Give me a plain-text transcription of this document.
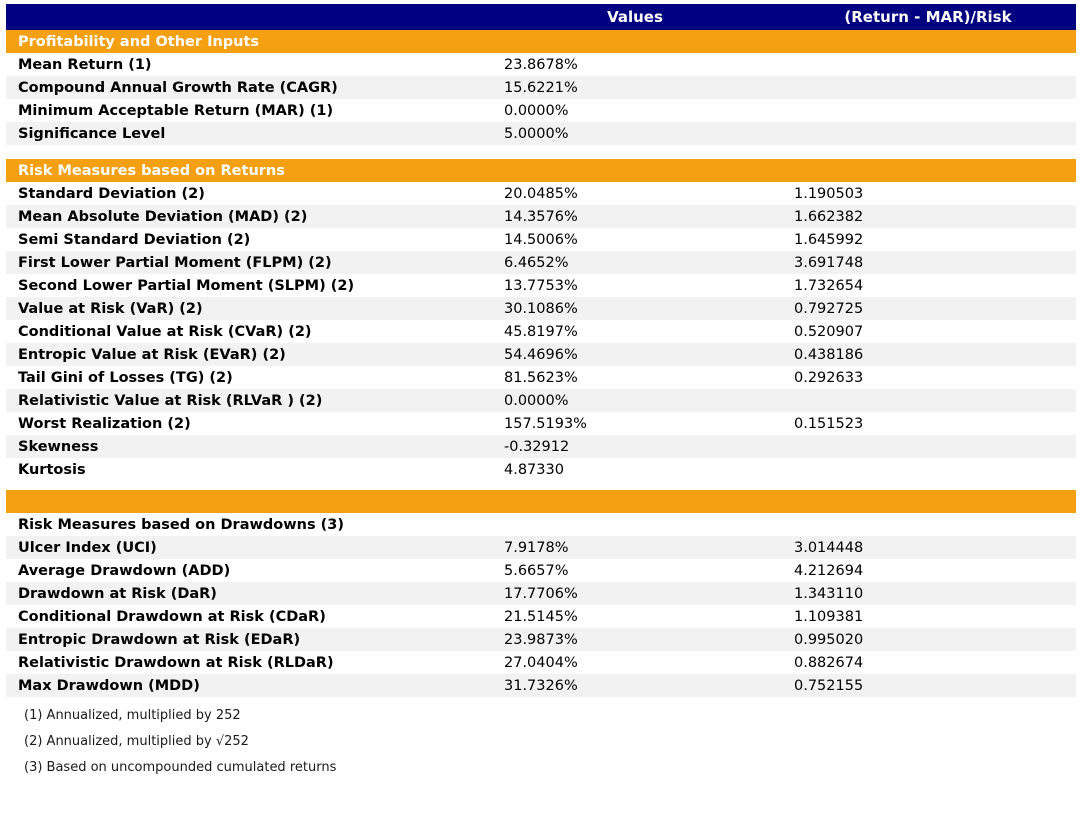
	Values	(Return - MAR)/Risk
Profitability and Other Inputs		
Mean Return (1)	23.8678%	
Compound Annual Growth Rate (CAGR)	15.6221%	
Minimum Acceptable Return (MAR) (1)	0.0000%	
Significance Level	5.0000%	

Risk Measures based on Returns		
Standard Deviation (2)	20.0485%	1.190503
Mean Absolute Deviation (MAD) (2)	14.3576%	1.662382
Semi Standard Deviation (2)	14.5006%	1.645992
First Lower Partial Moment (FLPM) (2)	6.4652%	3.691748
Second Lower Partial Moment (SLPM) (2)	13.7753%	1.732654
Value at Risk (VaR) (2)	30.1086%	0.792725
Conditional Value at Risk (CVaR) (2)	45.8197%	0.520907
Entropic Value at Risk (EVaR) (2)	54.4696%	0.438186
Tail Gini of Losses (TG) (2)	81.5623%	0.292633
Relativistic Value at Risk (RLVaR ) (2)	0.0000%	
Worst Realization (2)	157.5193%	0.151523
Skewness	-0.32912	
Kurtosis	4.87330	

Risk Measures based on Drawdowns (3)		
Ulcer Index (UCI)	7.9178%	3.014448
Average Drawdown (ADD)	5.6657%	4.212694
Drawdown at Risk (DaR)	17.7706%	1.343110
Conditional Drawdown at Risk (CDaR)	21.5145%	1.109381
Entropic Drawdown at Risk (EDaR)	23.9873%	0.995020
Relativistic Drawdown at Risk (RLDaR)	27.0404%	0.882674
Max Drawdown (MDD)	31.7326%	0.752155
(1) Annualized, multiplied by 252
(2) Annualized, multiplied by √252
(3) Based on uncompounded cumulated returns
